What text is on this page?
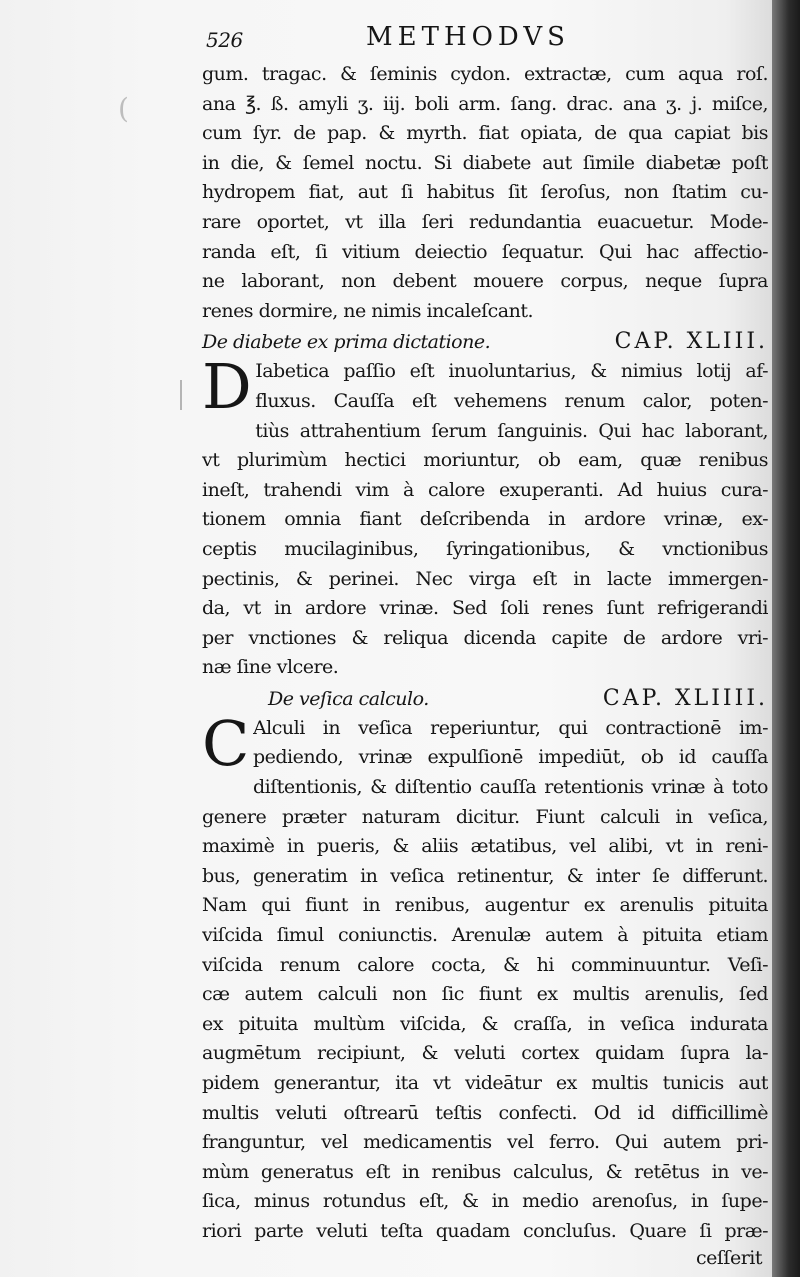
(
526	METHODVS
gum. tragac. & ſeminis cydon. extractæ, cum aqua roſ.
ana ℥. ß. amyli ʒ. iij. boli arm. ſang. drac. ana ʒ. j. miſce,
cum ſyr. de pap. & myrth. fiat opiata, de qua capiat bis
in die, & ſemel noctu. Si diabete aut ſimile diabetæ poſt
hydropem fiat, aut ſi habitus ſit ſeroſus, non ſtatim cu-
rare oportet, vt illa ſeri redundantia euacuetur. Mode-
randa eſt, ſi vitium deiectio ſequatur. Qui hac affectio-
ne laborant, non debent mouere corpus, neque ſupra
renes dormire, ne nimis incaleſcant.
De diabete ex prima dictatione.	CAP. XLIII.
D Iabetica paſſio eſt inuoluntarius, & nimius lotij af-
fluxus. Cauſſa eſt vehemens renum calor, poten-
tiùs attrahentium ſerum ſanguinis. Qui hac laborant,
vt plurimùm hectici moriuntur, ob eam, quæ renibus
ineſt, trahendi vim à calore exuperanti. Ad huius cura-
tionem omnia fiant deſcribenda in ardore vrinæ, ex-
ceptis mucilaginibus, ſyringationibus, & vnctionibus
pectinis, & perinei. Nec virga eſt in lacte immergen-
da, vt in ardore vrinæ. Sed ſoli renes ſunt refrigerandi
per vnctiones & reliqua dicenda capite de ardore vri-
næ ſine vlcere.
De veſica calculo.	CAP. XLIIII.
C Alculi in veſica reperiuntur, qui contractionē im-
pediendo, vrinæ expulſionē impediūt, ob id cauſſa
diſtentionis, & diſtentio cauſſa retentionis vrinæ à toto
genere præter naturam dicitur. Fiunt calculi in veſica,
maximè in pueris, & aliis ætatibus, vel alibi, vt in reni-
bus, generatim in veſica retinentur, & inter ſe differunt.
Nam qui fiunt in renibus, augentur ex arenulis pituita
viſcida ſimul coniunctis. Arenulæ autem à pituita etiam
viſcida renum calore cocta, & hi comminuuntur. Veſi-
cæ autem calculi non ſic fiunt ex multis arenulis, ſed
ex pituita multùm viſcida, & craſſa, in veſica indurata
augmētum recipiunt, & veluti cortex quidam ſupra la-
pidem generantur, ita vt videātur ex multis tunicis aut
multis veluti oſtrearū teſtis confecti. Od id difficillimè
franguntur, vel medicamentis vel ferro. Qui autem pri-
mùm generatus eſt in renibus calculus, & retētus in ve-
ſica, minus rotundus eſt, & in medio arenoſus, in ſupe-
riori parte veluti teſta quadam concluſus. Quare ſi præ-
ceſſerit
